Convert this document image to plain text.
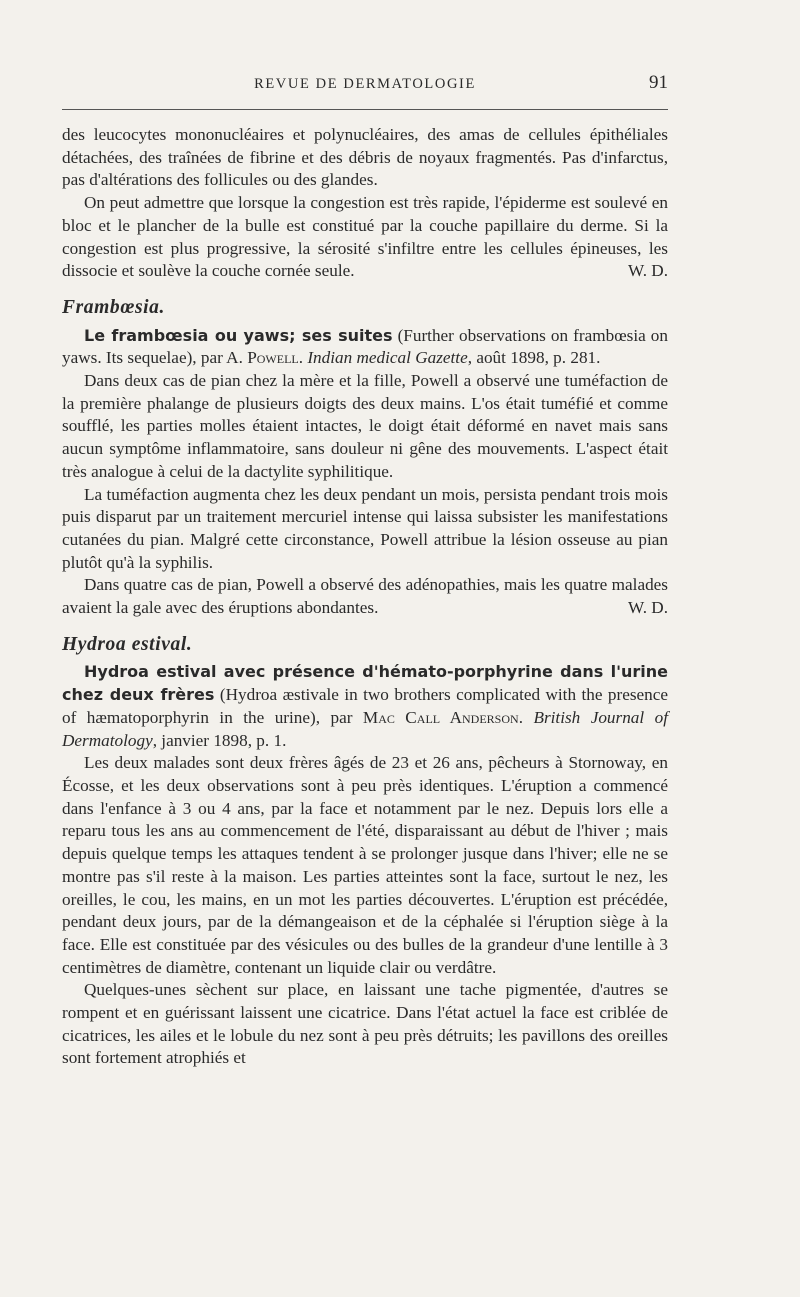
REVUE DE DERMATOLOGIE	91

des leucocytes mononucléaires et polynucléaires, des amas de cellules épithéliales détachées, des traînées de fibrine et des débris de noyaux fragmentés. Pas d'infarctus, pas d'altérations des follicules ou des glandes.

On peut admettre que lorsque la congestion est très rapide, l'épiderme est soulevé en bloc et le plancher de la bulle est constitué par la couche papillaire du derme. Si la congestion est plus progressive, la sérosité s'infiltre entre les cellules épineuses, les dissocie et soulève la couche cornée seule.	W. D.

Frambœsia.

Le frambœsia ou yaws; ses suites (Further observations on frambœsia on yaws. Its sequelae), par A. Powell. Indian medical Gazette, août 1898, p. 281.

Dans deux cas de pian chez la mère et la fille, Powell a observé une tuméfaction de la première phalange de plusieurs doigts des deux mains. L'os était tuméfié et comme soufflé, les parties molles étaient intactes, le doigt était déformé en navet mais sans aucun symptôme inflammatoire, sans douleur ni gêne des mouvements. L'aspect était très analogue à celui de la dactylite syphilitique.

La tuméfaction augmenta chez les deux pendant un mois, persista pendant trois mois puis disparut par un traitement mercuriel intense qui laissa subsister les manifestations cutanées du pian. Malgré cette circonstance, Powell attribue la lésion osseuse au pian plutôt qu'à la syphilis.

Dans quatre cas de pian, Powell a observé des adénopathies, mais les quatre malades avaient la gale avec des éruptions abondantes.	W. D.

Hydroa estival.

Hydroa estival avec présence d'hémato-porphyrine dans l'urine chez deux frères (Hydroa æstivale in two brothers complicated with the presence of hæmatoporphyrin in the urine), par Mac Call Anderson. British Journal of Dermatology, janvier 1898, p. 1.

Les deux malades sont deux frères âgés de 23 et 26 ans, pêcheurs à Stornoway, en Écosse, et les deux observations sont à peu près identiques. L'éruption a commencé dans l'enfance à 3 ou 4 ans, par la face et notamment par le nez. Depuis lors elle a reparu tous les ans au commencement de l'été, disparaissant au début de l'hiver ; mais depuis quelque temps les attaques tendent à se prolonger jusque dans l'hiver; elle ne se montre pas s'il reste à la maison. Les parties atteintes sont la face, surtout le nez, les oreilles, le cou, les mains, en un mot les parties découvertes. L'éruption est précédée, pendant deux jours, par de la démangeaison et de la céphalée si l'éruption siège à la face. Elle est constituée par des vésicules ou des bulles de la grandeur d'une lentille à 3 centimètres de diamètre, contenant un liquide clair ou verdâtre.

Quelques-unes sèchent sur place, en laissant une tache pigmentée, d'autres se rompent et en guérissant laissent une cicatrice. Dans l'état actuel la face est criblée de cicatrices, les ailes et le lobule du nez sont à peu près détruits; les pavillons des oreilles sont fortement atrophiés et
